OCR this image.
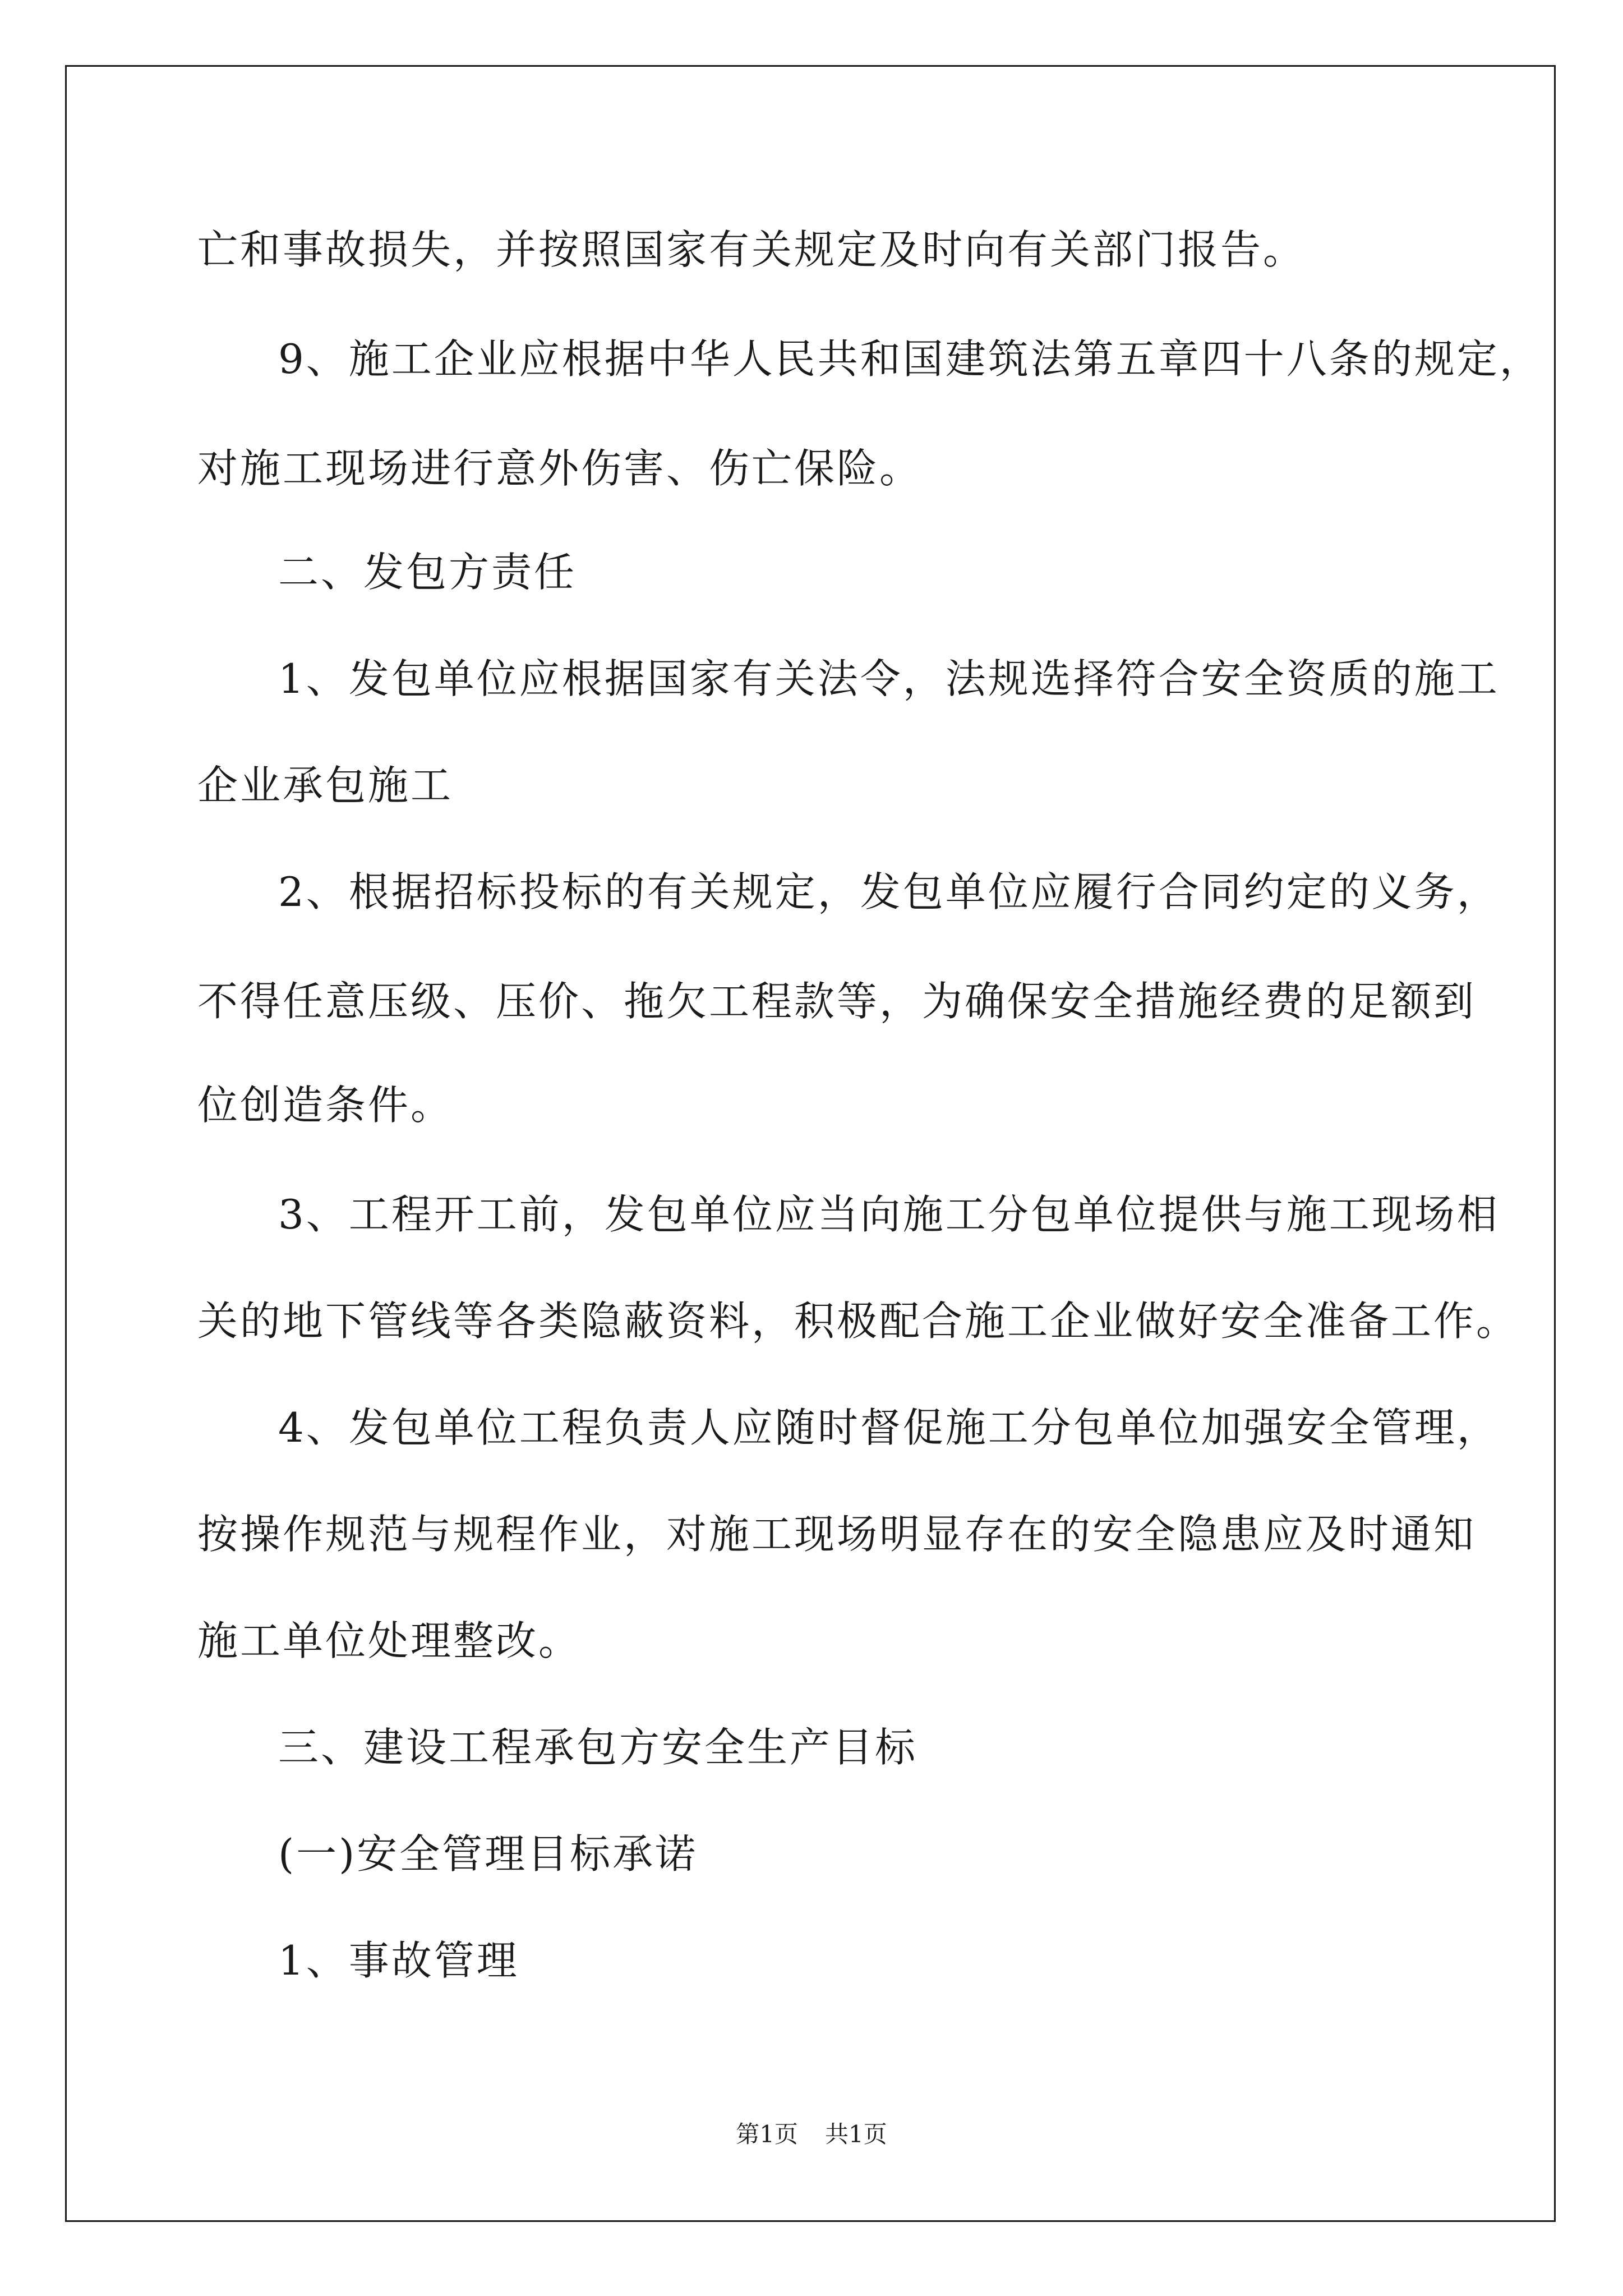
亡和事故损失，并按照国家有关规定及时向有关部门报告。
9、施工企业应根据中华人民共和国建筑法第五章四十八条的规定，
对施工现场进行意外伤害、伤亡保险。
二、发包方责任
1、发包单位应根据国家有关法令，法规选择符合安全资质的施工
企业承包施工
2、根据招标投标的有关规定，发包单位应履行合同约定的义务，
不得任意压级、压价、拖欠工程款等，为确保安全措施经费的足额到
位创造条件。
3、工程开工前，发包单位应当向施工分包单位提供与施工现场相
关的地下管线等各类隐蔽资料，积极配合施工企业做好安全准备工作。
4、发包单位工程负责人应随时督促施工分包单位加强安全管理，
按操作规范与规程作业，对施工现场明显存在的安全隐患应及时通知
施工单位处理整改。
三、建设工程承包方安全生产目标
(一)安全管理目标承诺
1、事故管理
第1页 共1页
